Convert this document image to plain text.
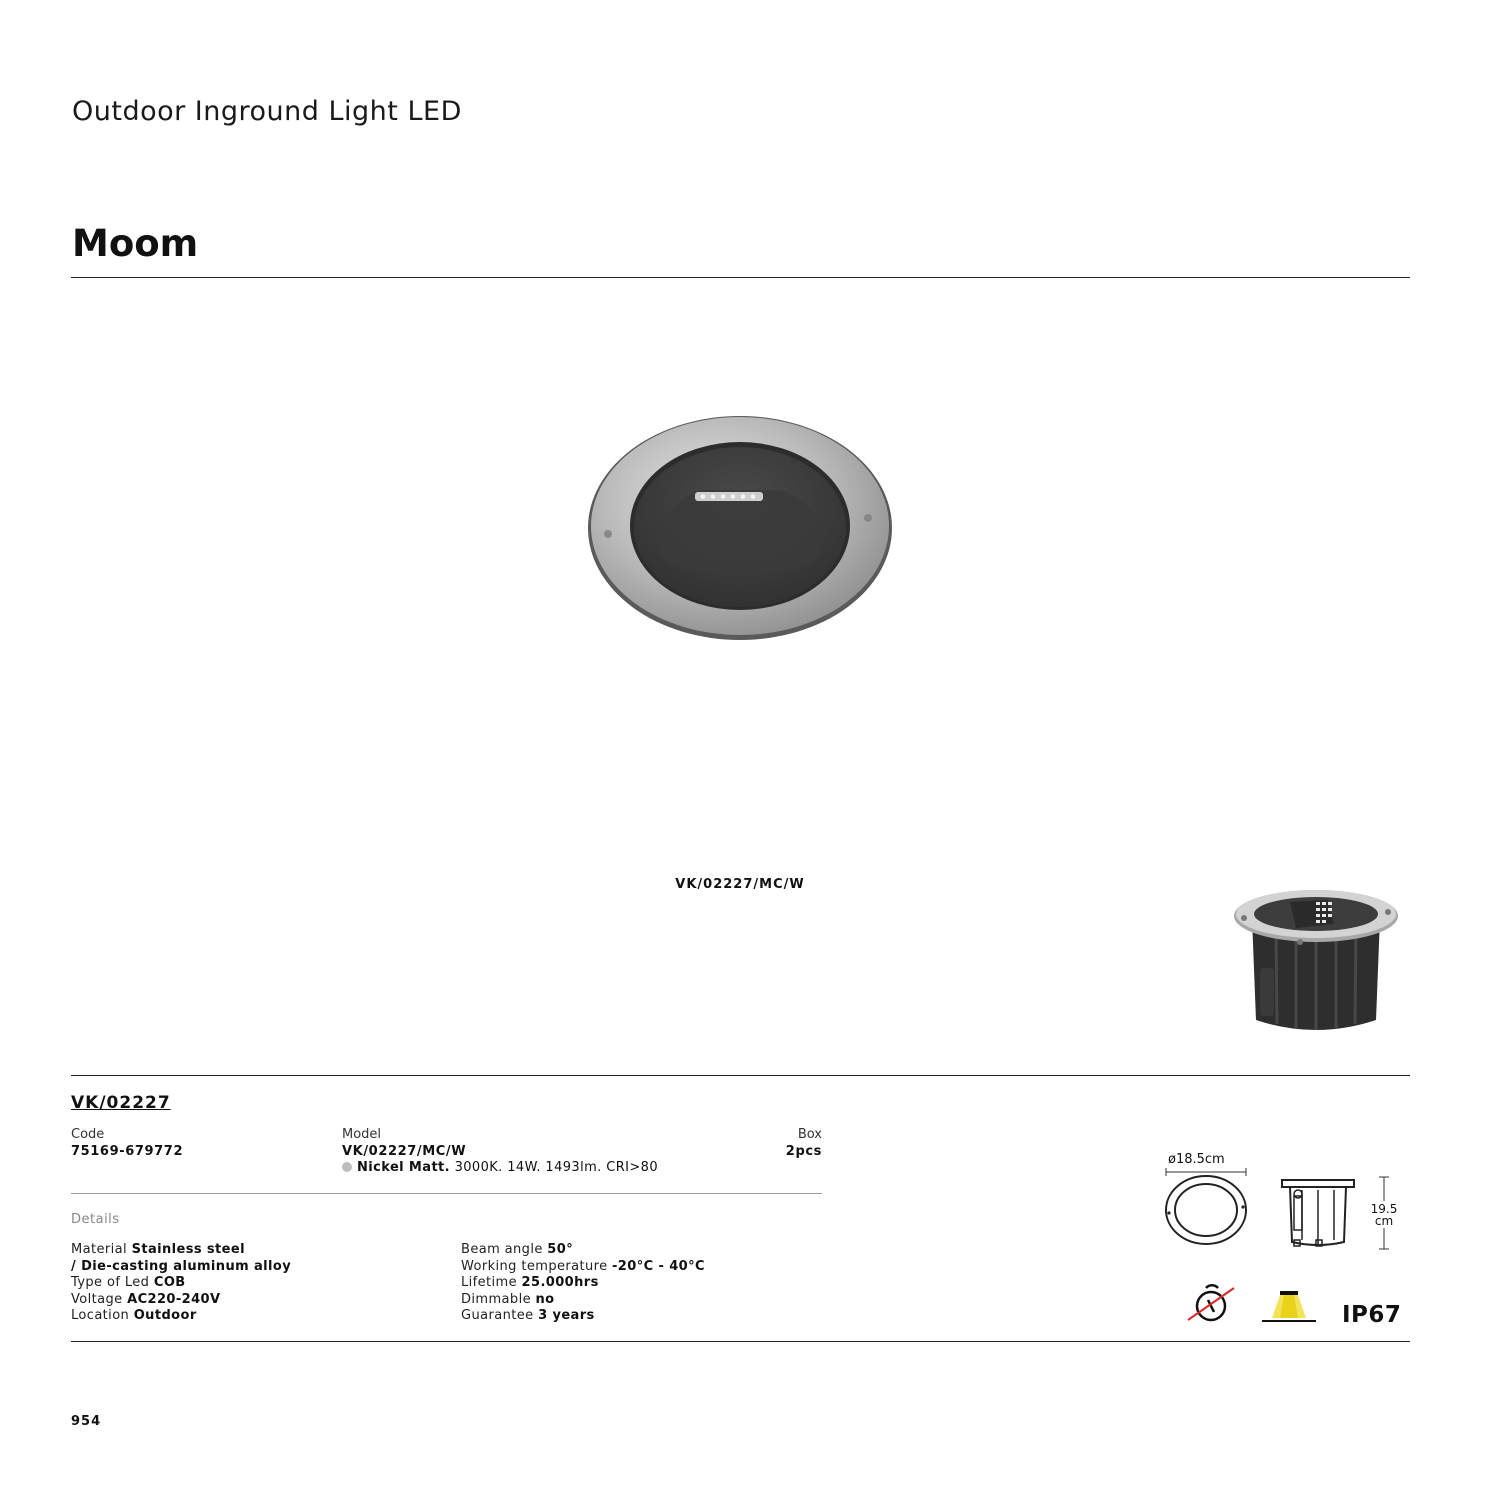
Outdoor Inground Light LED
Moom
VK/02227/MC/W
VK/02227
Code
75169-679772
Model
VK/02227/MC/W
Nickel Matt. 3000K. 14W. 1493lm. CRI>80
Box
2pcs
Details
Material Stainless steel
/ Die-casting aluminum alloy
Type of Led COB
Voltage AC220-240V
Location Outdoor
Beam angle 50°
Working temperature -20°C - 40°C
Lifetime 25.000hrs
Dimmable no
Guarantee 3 years
ø18.5cm
19.5
cm
IP67
954
